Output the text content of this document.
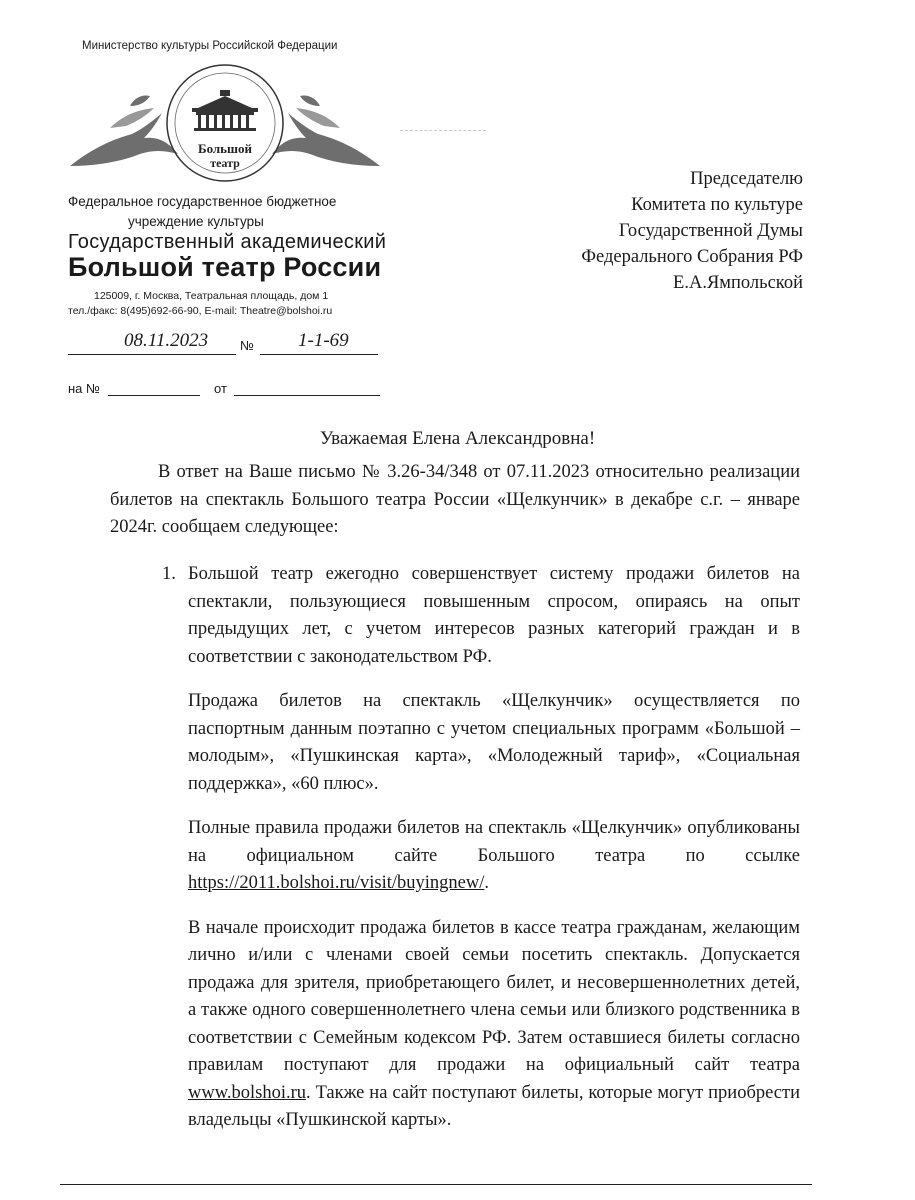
Министерство культуры Российской Федерации
Большой
театр
Федеральное государственное бюджетное
учреждение культуры
Государственный академический
Большой театр России
125009, г. Москва, Театральная площадь, дом 1
тел./факс: 8(495)692-66-90, E-mail: Theatre@bolshoi.ru
08.11.2023 № 1-1-69
на №	от
Председателю
Комитета по культуре
Государственной Думы
Федерального Собрания РФ
Е.А.Ямпольской
Уважаемая Елена Александровна!

В ответ на Ваше письмо № 3.26-34/348 от 07.11.2023 относительно реализации билетов на спектакль Большого театра России «Щелкунчик» в декабре с.г. – январе 2024г. сообщаем следующее:

1. Большой театр ежегодно совершенствует систему продажи билетов на спектакли, пользующиеся повышенным спросом, опираясь на опыт предыдущих лет, с учетом интересов разных категорий граждан и в соответствии с законодательством РФ.

Продажа билетов на спектакль «Щелкунчик» осуществляется по паспортным данным поэтапно с учетом специальных программ «Большой – молодым», «Пушкинская карта», «Молодежный тариф», «Социальная поддержка», «60 плюс».

Полные правила продажи билетов на спектакль «Щелкунчик» опубликованы на официальном сайте Большого театра по ссылке https://2011.bolshoi.ru/visit/buyingnew/.

В начале происходит продажа билетов в кассе театра гражданам, желающим лично и/или с членами своей семьи посетить спектакль. Допускается продажа для зрителя, приобретающего билет, и несовершеннолетних детей, а также одного совершеннолетнего члена семьи или близкого родственника в соответствии с Семейным кодексом РФ. Затем оставшиеся билеты согласно правилам поступают для продажи на официальный сайт театра www.bolshoi.ru. Также на сайт поступают билеты, которые могут приобрести владельцы «Пушкинской карты».
